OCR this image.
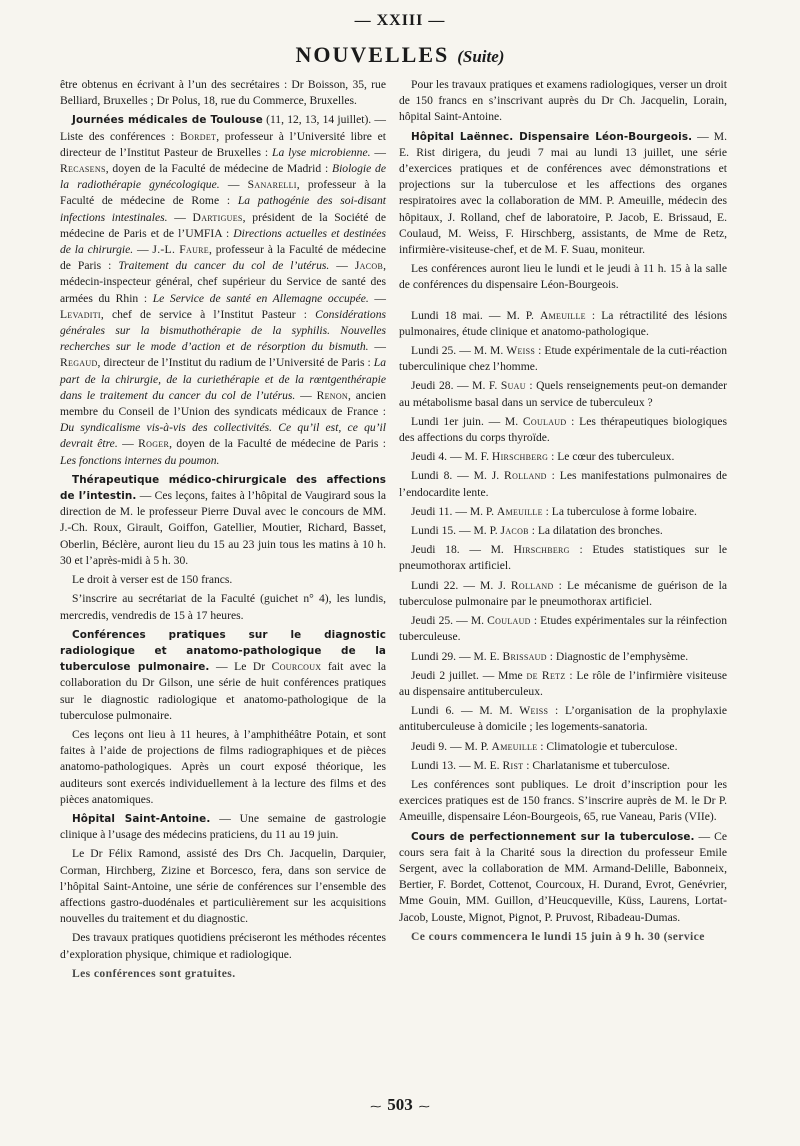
— XXIII —
NOUVELLES (Suite)

être obtenus en écrivant à l’un des secrétaires : Dr Boisson, 35, rue Belliard, Bruxelles ; Dr Polus, 18, rue du Commerce, Bruxelles.

Journées médicales de Toulouse (11, 12, 13, 14 juillet). — Liste des conférences : Bordet, professeur à l’Université libre et directeur de l’Institut Pasteur de Bruxelles : La lyse microbienne. — Recasens, doyen de la Faculté de médecine de Madrid : Biologie de la radiothérapie gynécologique. — Sanarelli, professeur à la Faculté de médecine de Rome : La pathogénie des soi-disant infections intestinales. — Dartigues, président de la Société de médecine de Paris et de l’UMFIA : Directions actuelles et destinées de la chirurgie. — J.-L. Faure, professeur à la Faculté de médecine de Paris : Traitement du cancer du col de l’utérus. — Jacob, médecin-inspecteur général, chef supérieur du Service de santé des armées du Rhin : Le Service de santé en Allemagne occupée. — Levaditi, chef de service à l’Institut Pasteur : Considérations générales sur la bismuthothérapie de la syphilis. Nouvelles recherches sur le mode d’action et de résorption du bismuth. — Regaud, directeur de l’Institut du radium de l’Université de Paris : La part de la chirurgie, de la curiethérapie et de la rœntgenthérapie dans le traitement du cancer du col de l’utérus. — Renon, ancien membre du Conseil de l’Union des syndicats médicaux de France : Du syndicalisme vis-à-vis des collectivités. Ce qu’il est, ce qu’il devrait être. — Roger, doyen de la Faculté de médecine de Paris : Les fonctions internes du poumon.

Thérapeutique médico-chirurgicale des affections de l’intestin. — Ces leçons, faites à l’hôpital de Vaugirard sous la direction de M. le professeur Pierre Duval avec le concours de MM. J.-Ch. Roux, Girault, Goiffon, Gatellier, Moutier, Richard, Basset, Oberlin, Béclère, auront lieu du 15 au 23 juin tous les matins à 10 h. 30 et l’après-midi à 5 h. 30.

Le droit à verser est de 150 francs.

S’inscrire au secrétariat de la Faculté (guichet n° 4), les lundis, mercredis, vendredis de 15 à 17 heures.

Conférences pratiques sur le diagnostic radiologique et anatomo-pathologique de la tuberculose pulmonaire. — Le Dr Courcoux fait avec la collaboration du Dr Gilson, une série de huit conférences pratiques sur le diagnostic radiologique et anatomo-pathologique de la tuberculose pulmonaire.

Ces leçons ont lieu à 11 heures, à l’amphithéâtre Potain, et sont faites à l’aide de projections de films radiographiques et de pièces anatomo-pathologiques. Après un court exposé théorique, les auditeurs sont exercés individuellement à la lecture des films et des pièces anatomiques.

Hôpital Saint-Antoine. — Une semaine de gastrologie clinique à l’usage des médecins praticiens, du 11 au 19 juin.

Le Dr Félix Ramond, assisté des Drs Ch. Jacquelin, Darquier, Corman, Hirchberg, Zizine et Borcesco, fera, dans son service de l’hôpital Saint-Antoine, une série de conférences sur l’ensemble des affections gastro-duodénales et particulièrement sur les acquisitions nouvelles du traitement et du diagnostic.

Des travaux pratiques quotidiens préciseront les méthodes récentes d’exploration physique, chimique et radiologique.

Les conférences sont gratuites.

Pour les travaux pratiques et examens radiologiques, verser un droit de 150 francs en s’inscrivant auprès du Dr Ch. Jacquelin, Lorain, hôpital Saint-Antoine.

Hôpital Laënnec. Dispensaire Léon-Bourgeois. — M. E. Rist dirigera, du jeudi 7 mai au lundi 13 juillet, une série d’exercices pratiques et de conférences avec démonstrations et projections sur la tuberculose et les affections des organes respiratoires avec la collaboration de MM. P. Ameuille, médecin des hôpitaux, J. Rolland, chef de laboratoire, P. Jacob, E. Brissaud, E. Coulaud, M. Weiss, F. Hirschberg, assistants, de Mme de Retz, infirmière-visiteuse-chef, et de M. F. Suau, moniteur.

Les conférences auront lieu le lundi et le jeudi à 11 h. 15 à la salle de conférences du dispensaire Léon-Bourgeois.

Lundi 18 mai. — M. P. Ameuille : La rétractilité des lésions pulmonaires, étude clinique et anatomo-pathologique.

Lundi 25. — M. M. Weiss : Etude expérimentale de la cuti-réaction tuberculinique chez l’homme.

Jeudi 28. — M. F. Suau : Quels renseignements peut-on demander au métabolisme basal dans un service de tuberculeux ?

Lundi 1er juin. — M. Coulaud : Les thérapeutiques biologiques des affections du corps thyroïde.

Jeudi 4. — M. F. Hirschberg : Le cœur des tuberculeux.

Lundi 8. — M. J. Rolland : Les manifestations pulmonaires de l’endocardite lente.

Jeudi 11. — M. P. Ameuille : La tuberculose à forme lobaire.

Lundi 15. — M. P. Jacob : La dilatation des bronches.

Jeudi 18. — M. Hirschberg : Etudes statistiques sur le pneumothorax artificiel.

Lundi 22. — M. J. Rolland : Le mécanisme de guérison de la tuberculose pulmonaire par le pneumothorax artificiel.

Jeudi 25. — M. Coulaud : Etudes expérimentales sur la réinfection tuberculeuse.

Lundi 29. — M. E. Brissaud : Diagnostic de l’emphysème.

Jeudi 2 juillet. — Mme de Retz : Le rôle de l’infirmière visiteuse au dispensaire antituberculeux.

Lundi 6. — M. M. Weiss : L’organisation de la prophylaxie antituberculeuse à domicile ; les logements-sanatoria.

Jeudi 9. — M. P. Ameuille : Climatologie et tuberculose.

Lundi 13. — M. E. Rist : Charlatanisme et tuberculose.

Les conférences sont publiques. Le droit d’inscription pour les exercices pratiques est de 150 francs. S’inscrire auprès de M. le Dr P. Ameuille, dispensaire Léon-Bourgeois, 65, rue Vaneau, Paris (VIIe).

Cours de perfectionnement sur la tuberculose. — Ce cours sera fait à la Charité sous la direction du professeur Emile Sergent, avec la collaboration de MM. Armand-Delille, Babonneix, Bertier, F. Bordet, Cottenot, Courcoux, H. Durand, Evrot, Genévrier, Mme Gouin, MM. Guillon, d’Heucqueville, Küss, Laurens, Lortat-Jacob, Louste, Mignot, Pignot, P. Pruvost, Ribadeau-Dumas.

Ce cours commencera le lundi 15 juin à 9 h. 30 (service

⁓ 503 ⁓
